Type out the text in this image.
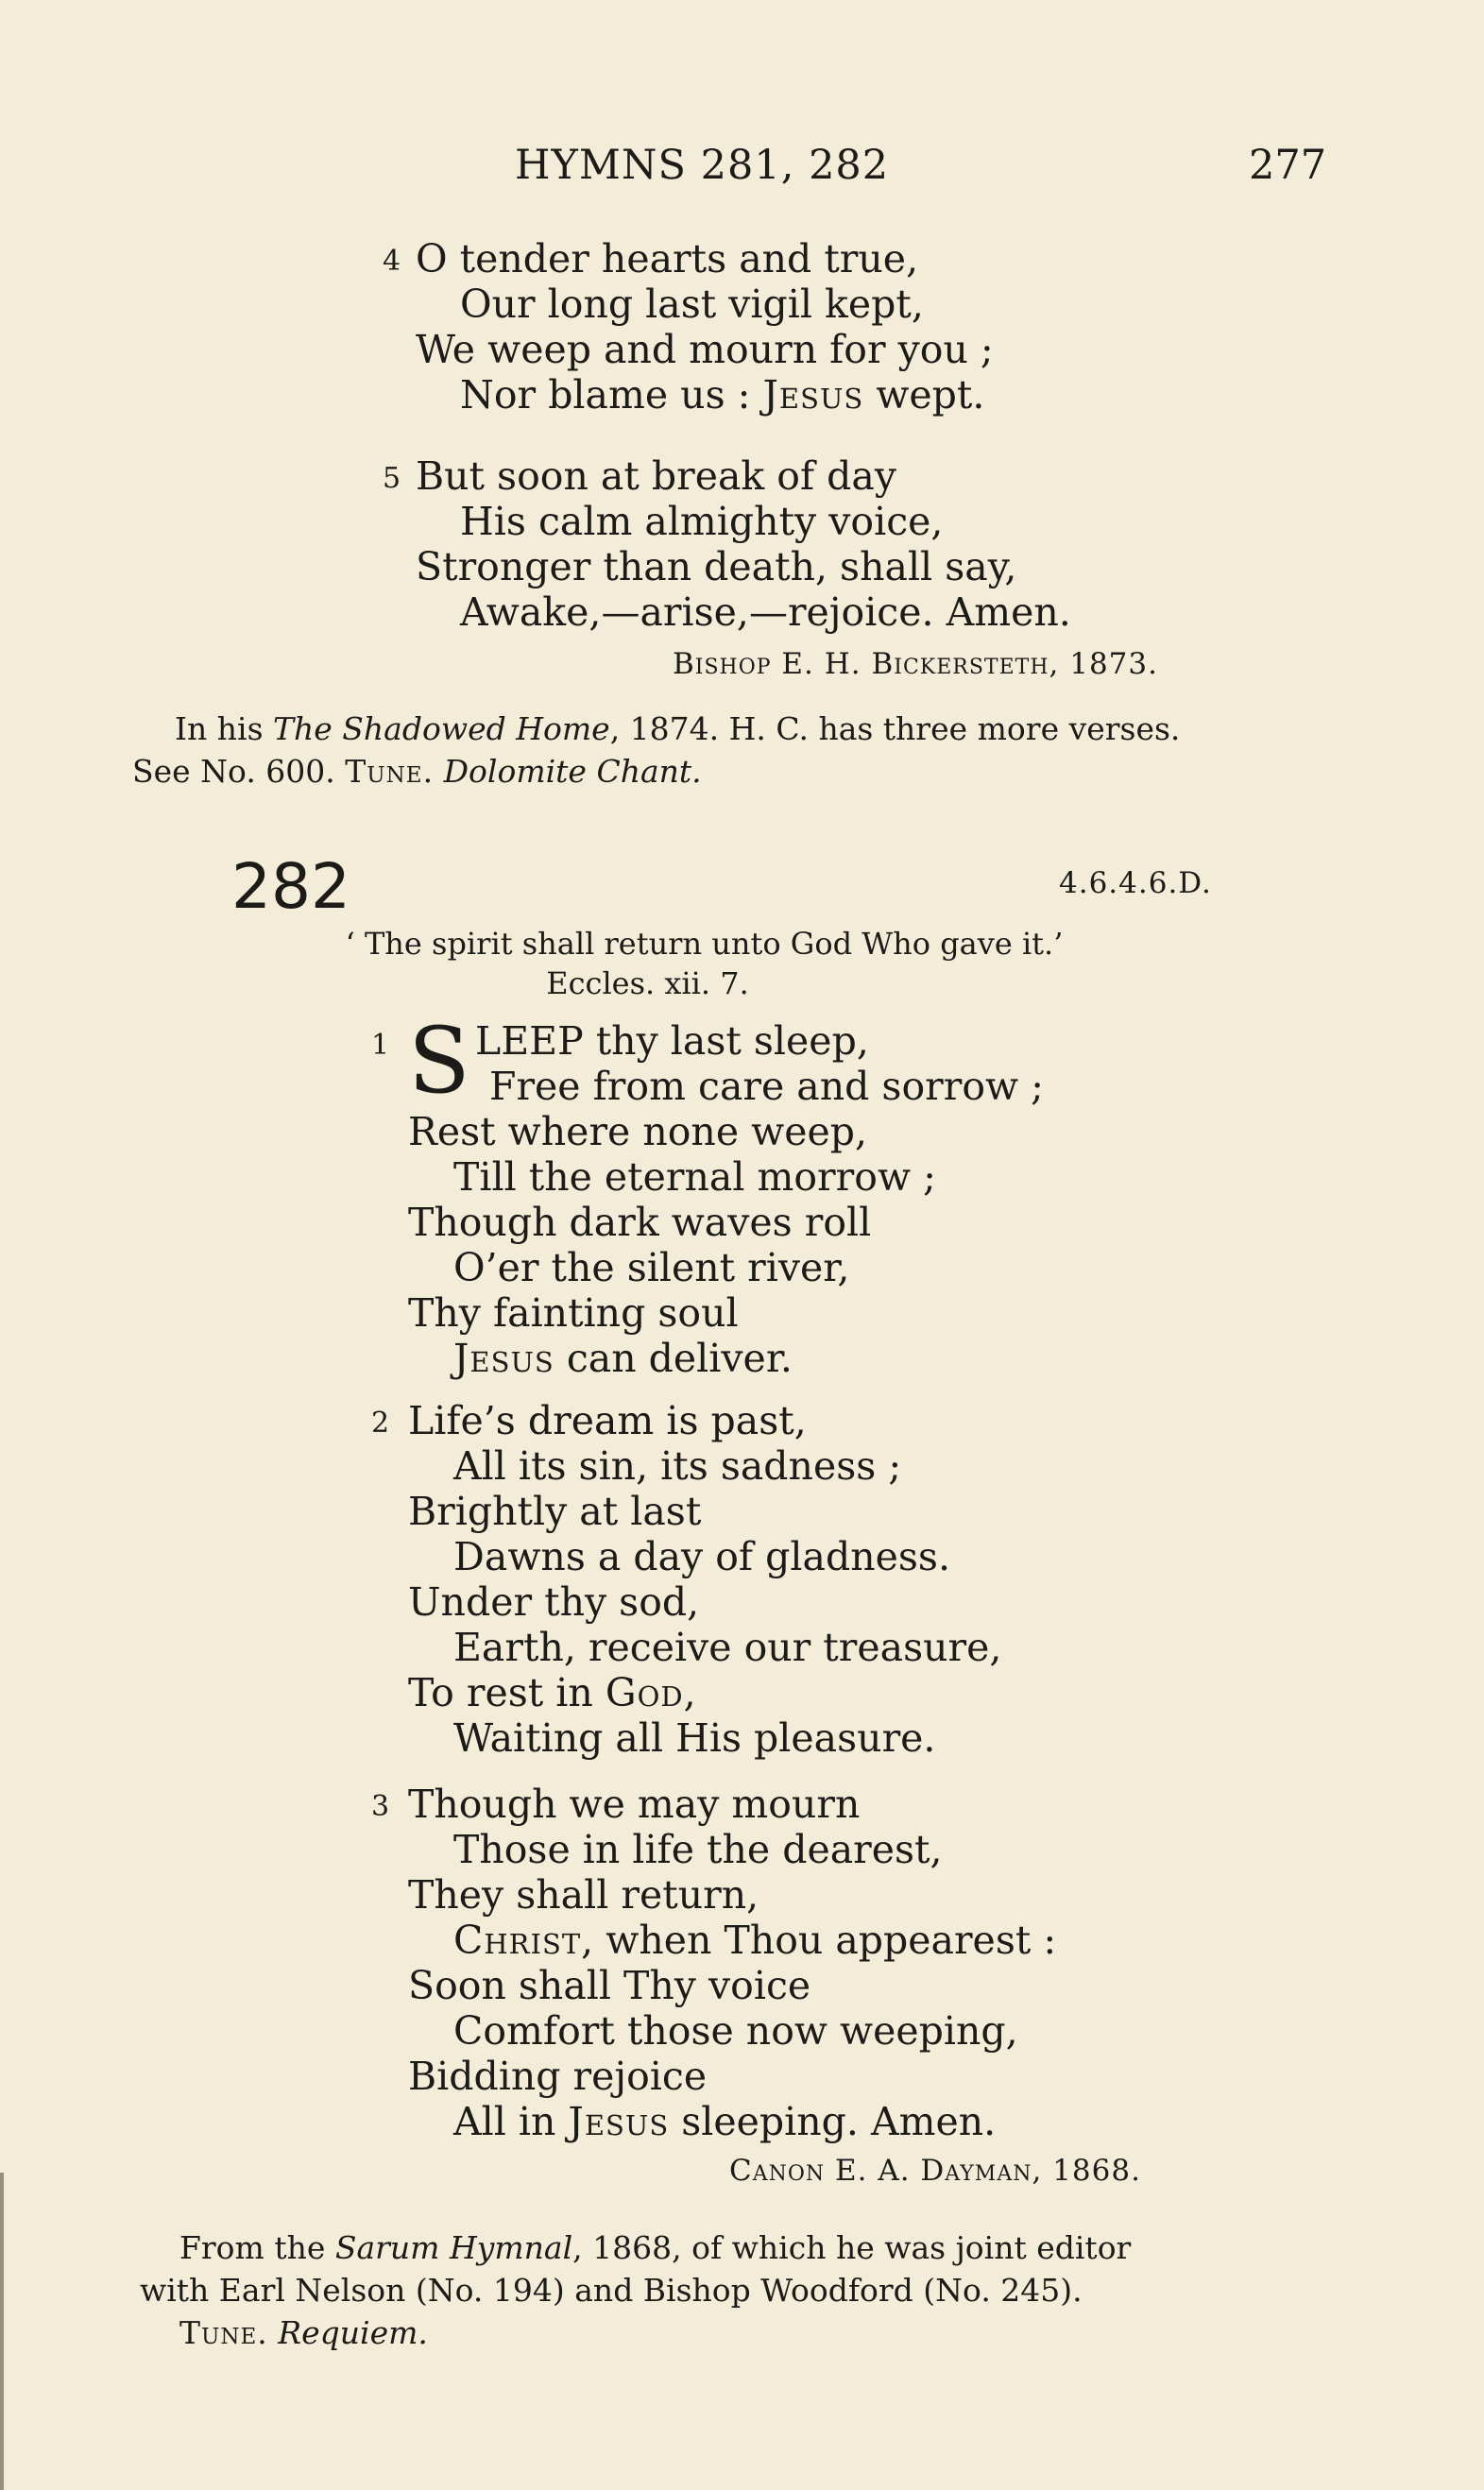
HYMNS 281, 282	277
4 O tender hearts and true,
Our long last vigil kept,
We weep and mourn for you ;
Nor blame us : Jesus wept.
5 But soon at break of day
His calm almighty voice,
Stronger than death, shall say,
Awake,—arise,—rejoice. Amen.
Bishop E. H. Bickersteth, 1873.
In his The Shadowed Home, 1874. H. C. has three more verses.
See No. 600. Tune. Dolomite Chant.
282	4.6.4.6.D.
‘ The spirit shall return unto God Who gave it.’
Eccles. xii. 7.
1 S LEEP thy last sleep,
Free from care and sorrow ;
Rest where none weep,
Till the eternal morrow ;
Though dark waves roll
O’er the silent river,
Thy fainting soul
Jesus can deliver.
2 Life’s dream is past,
All its sin, its sadness ;
Brightly at last
Dawns a day of gladness.
Under thy sod,
Earth, receive our treasure,
To rest in God,
Waiting all His pleasure.
3 Though we may mourn
Those in life the dearest,
They shall return,
Christ, when Thou appearest :
Soon shall Thy voice
Comfort those now weeping,
Bidding rejoice
All in Jesus sleeping. Amen.
Canon E. A. Dayman, 1868.
From the Sarum Hymnal, 1868, of which he was joint editor
with Earl Nelson (No. 194) and Bishop Woodford (No. 245).
Tune. Requiem.
